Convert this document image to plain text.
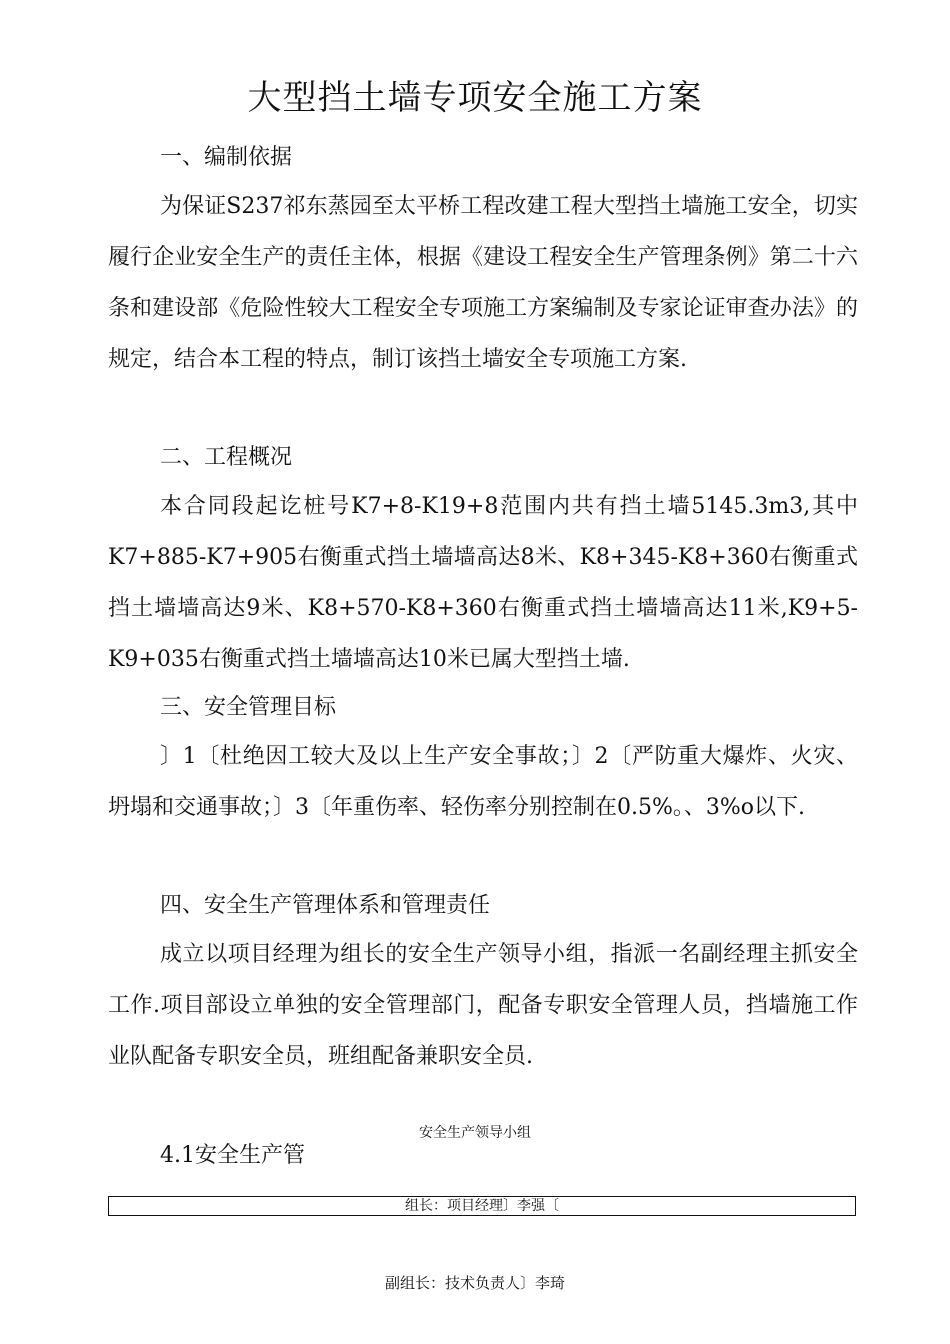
大型挡土墙专项安全施工方案
一、编制依据

为保证S237祁东蒸园至太平桥工程改建工程大型挡土墙施工安全，切实履行企业安全生产的责任主体，根据《建设工程安全生产管理条例》第二十六条和建设部《危险性较大工程安全专项施工方案编制及专家论证审查办法》的规定，结合本工程的特点，制订该挡土墙安全专项施工方案.

二、工程概况

本合同段起讫桩号K7+8-K19+8范围内共有挡土墙5145.3m3,其中K7+885-K7+905右衡重式挡土墙墙高达8米、K8+345-K8+360右衡重式挡土墙墙高达9米、K8+570-K8+360右衡重式挡土墙墙高达11米,K9+5-K9+035右衡重式挡土墙墙高达10米已属大型挡土墙.

三、安全管理目标

〕1〔杜绝因工较大及以上生产安全事故；〕2〔严防重大爆炸、火灾、坍塌和交通事故；〕3〔年重伤率、轻伤率分别控制在0.5%。、3%o以下.

四、安全生产管理体系和管理责任

成立以项目经理为组长的安全生产领导小组，指派一名副经理主抓安全工作.项目部设立单独的安全管理部门，配备专职安全管理人员，挡墙施工作业队配备专职安全员，班组配备兼职安全员.

安全生产领导小组
4.1安全生产管
组长：项目经理〕李强〔
副组长：技术负责人〕李琦
